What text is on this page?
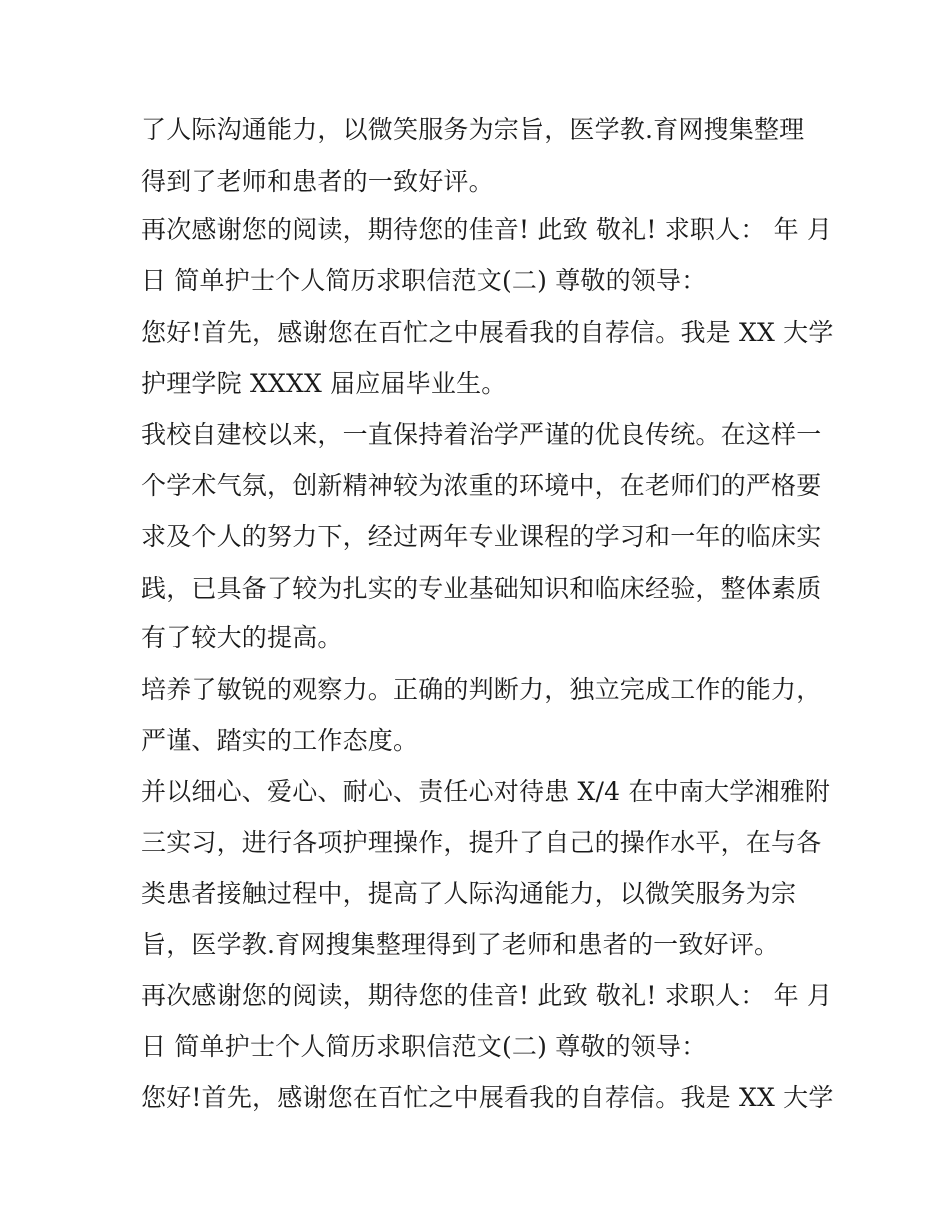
了人际沟通能力，以微笑服务为宗旨，医学教.育网搜集整理
得到了老师和患者的一致好评。
再次感谢您的阅读，期待您的佳音! 此致 敬礼! 求职人： 年 月
日 简单护士个人简历求职信范文(二) 尊敬的领导：
您好!首先，感谢您在百忙之中展看我的自荐信。我是 XX 大学
护理学院 XXXX 届应届毕业生。
我校自建校以来，一直保持着治学严谨的优良传统。在这样一
个学术气氛，创新精神较为浓重的环境中，在老师们的严格要
求及个人的努力下，经过两年专业课程的学习和一年的临床实
践，已具备了较为扎实的专业基础知识和临床经验，整体素质
有了较大的提高。
培养了敏锐的观察力。正确的判断力，独立完成工作的能力，
严谨、踏实的工作态度。
并以细心、爱心、耐心、责任心对待患 X/4 在中南大学湘雅附
三实习，进行各项护理操作，提升了自己的操作水平，在与各
类患者接触过程中，提高了人际沟通能力，以微笑服务为宗
旨，医学教.育网搜集整理得到了老师和患者的一致好评。
再次感谢您的阅读，期待您的佳音! 此致 敬礼! 求职人： 年 月
日 简单护士个人简历求职信范文(二) 尊敬的领导：
您好!首先，感谢您在百忙之中展看我的自荐信。我是 XX 大学
